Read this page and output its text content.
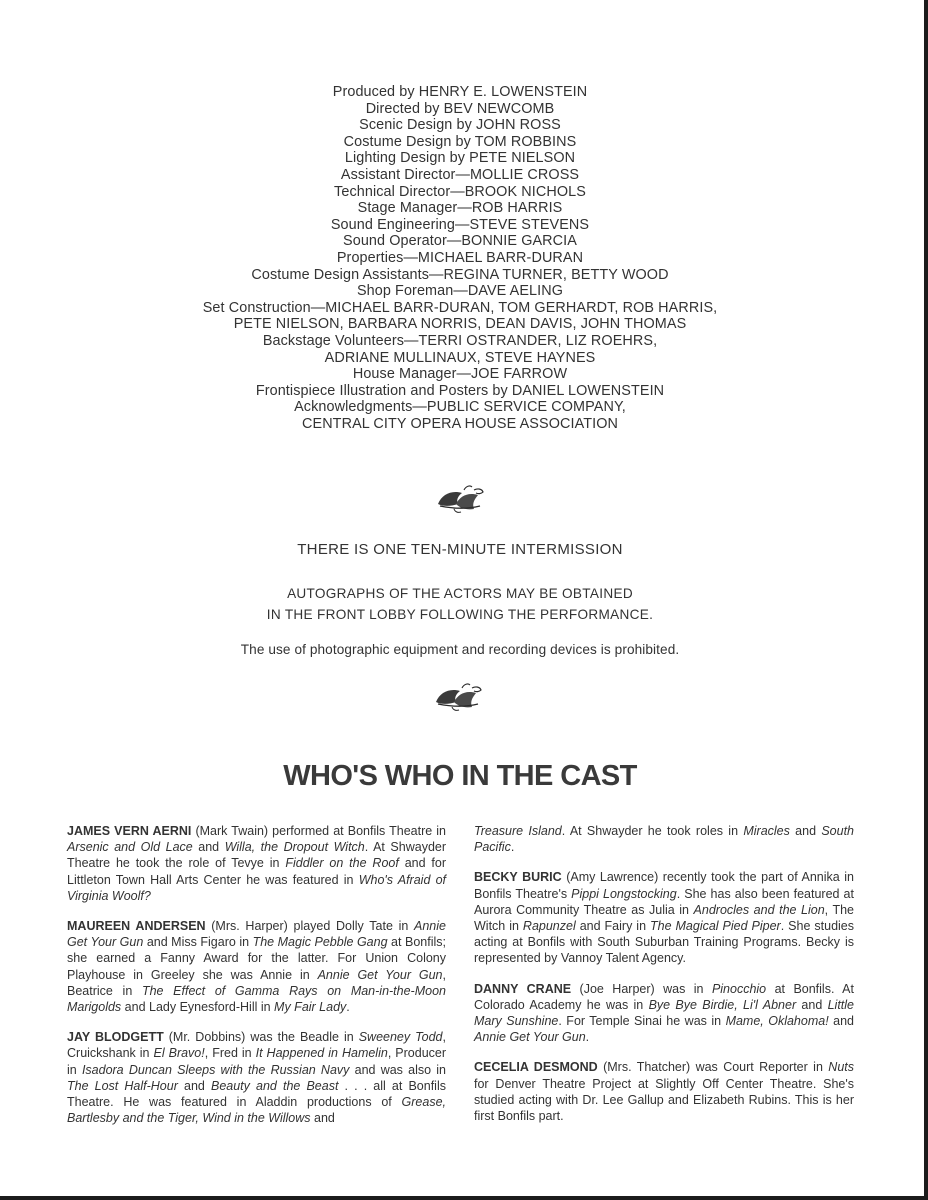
Produced by HENRY E. LOWENSTEIN
Directed by BEV NEWCOMB
Scenic Design by JOHN ROSS
Costume Design by TOM ROBBINS
Lighting Design by PETE NIELSON
Assistant Director—MOLLIE CROSS
Technical Director—BROOK NICHOLS
Stage Manager—ROB HARRIS
Sound Engineering—STEVE STEVENS
Sound Operator—BONNIE GARCIA
Properties—MICHAEL BARR-DURAN
Costume Design Assistants—REGINA TURNER, BETTY WOOD
Shop Foreman—DAVE AELING
Set Construction—MICHAEL BARR-DURAN, TOM GERHARDT, ROB HARRIS,
PETE NIELSON, BARBARA NORRIS, DEAN DAVIS, JOHN THOMAS
Backstage Volunteers—TERRI OSTRANDER, LIZ ROEHRS,
ADRIANE MULLINAUX, STEVE HAYNES
House Manager—JOE FARROW
Frontispiece Illustration and Posters by DANIEL LOWENSTEIN
Acknowledgments—PUBLIC SERVICE COMPANY,
CENTRAL CITY OPERA HOUSE ASSOCIATION
THERE IS ONE TEN-MINUTE INTERMISSION
AUTOGRAPHS OF THE ACTORS MAY BE OBTAINED
IN THE FRONT LOBBY FOLLOWING THE PERFORMANCE.
The use of photographic equipment and recording devices is prohibited.
WHO'S WHO IN THE CAST

JAMES VERN AERNI (Mark Twain) performed at Bonfils Theatre in Arsenic and Old Lace and Willa, the Dropout Witch. At Shwayder Theatre he took the role of Tevye in Fiddler on the Roof and for Littleton Town Hall Arts Center he was featured in Who's Afraid of Virginia Woolf?

MAUREEN ANDERSEN (Mrs. Harper) played Dolly Tate in Annie Get Your Gun and Miss Figaro in The Magic Pebble Gang at Bonfils; she earned a Fanny Award for the latter. For Union Colony Playhouse in Greeley she was Annie in Annie Get Your Gun, Beatrice in The Effect of Gamma Rays on Man-in-the-Moon Marigolds and Lady Eynesford-Hill in My Fair Lady.

JAY BLODGETT (Mr. Dobbins) was the Beadle in Sweeney Todd, Cruickshank in El Bravo!, Fred in It Happened in Hamelin, Producer in Isadora Duncan Sleeps with the Russian Navy and was also in The Lost Half-Hour and Beauty and the Beast . . . all at Bonfils Theatre. He was featured in Aladdin productions of Grease, Bartlesby and the Tiger, Wind in the Willows and

Treasure Island. At Shwayder he took roles in Miracles and South Pacific.

BECKY BURIC (Amy Lawrence) recently took the part of Annika in Bonfils Theatre's Pippi Longstocking. She has also been featured at Aurora Community Theatre as Julia in Androcles and the Lion, The Witch in Rapunzel and Fairy in The Magical Pied Piper. She studies acting at Bonfils with South Suburban Training Programs. Becky is represented by Vannoy Talent Agency.

DANNY CRANE (Joe Harper) was in Pinocchio at Bonfils. At Colorado Academy he was in Bye Bye Birdie, Li'l Abner and Little Mary Sunshine. For Temple Sinai he was in Mame, Oklahoma! and Annie Get Your Gun.

CECELIA DESMOND (Mrs. Thatcher) was Court Reporter in Nuts for Denver Theatre Project at Slightly Off Center Theatre. She's studied acting with Dr. Lee Gallup and Elizabeth Rubins. This is her first Bonfils part.
